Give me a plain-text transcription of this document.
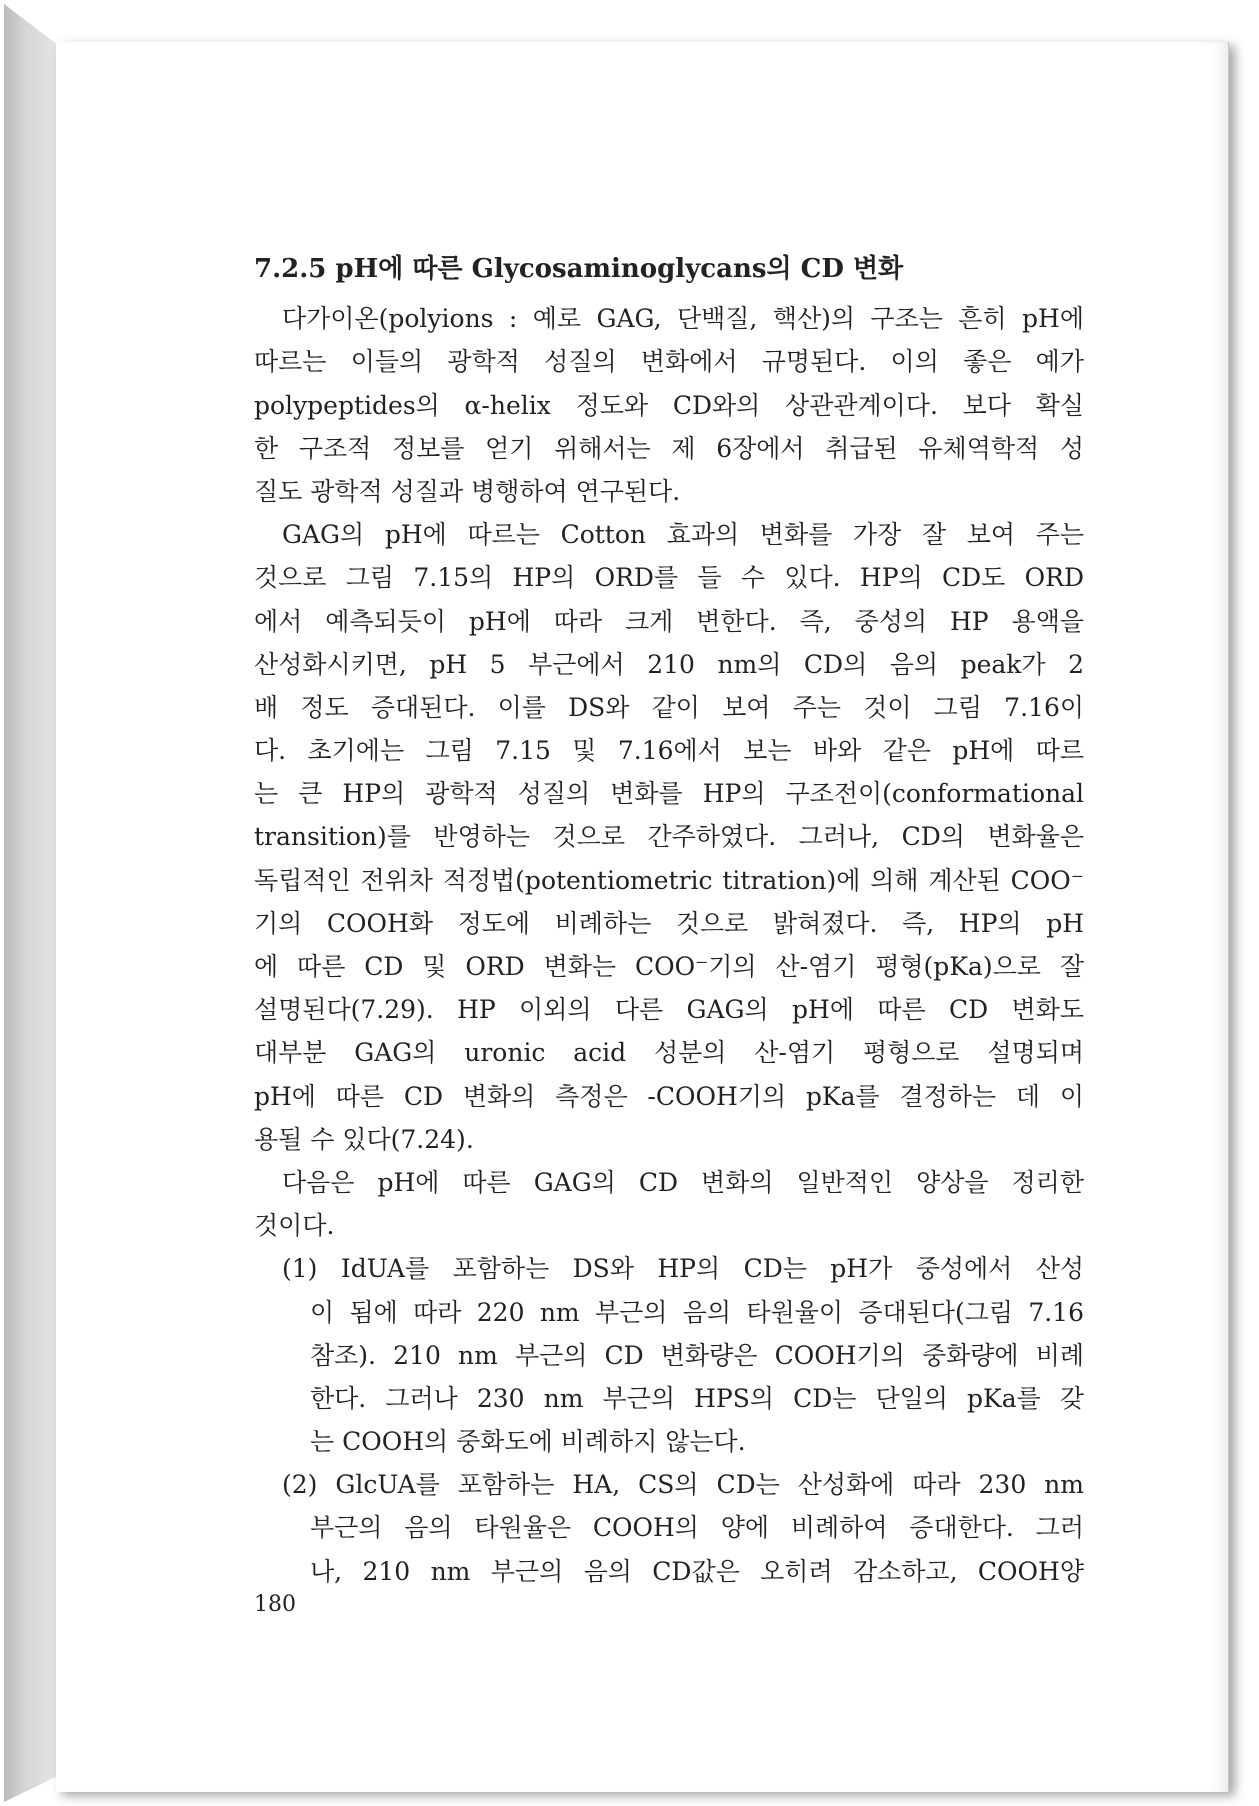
7.2.5 pH에 따른 Glycosaminoglycans의 CD 변화
다가이온(polyions : 예로 GAG, 단백질, 핵산)의 구조는 흔히 pH에
따르는 이들의 광학적 성질의 변화에서 규명된다. 이의 좋은 예가
polypeptides의 α-helix 정도와 CD와의 상관관계이다. 보다 확실
한 구조적 정보를 얻기 위해서는 제 6장에서 취급된 유체역학적 성
질도 광학적 성질과 병행하여 연구된다.
GAG의 pH에 따르는 Cotton 효과의 변화를 가장 잘 보여 주는
것으로 그림 7.15의 HP의 ORD를 들 수 있다. HP의 CD도 ORD
에서 예측되듯이 pH에 따라 크게 변한다. 즉, 중성의 HP 용액을
산성화시키면, pH 5 부근에서 210 nm의 CD의 음의 peak가 2
배 정도 증대된다. 이를 DS와 같이 보여 주는 것이 그림 7.16이
다. 초기에는 그림 7.15 및 7.16에서 보는 바와 같은 pH에 따르
는 큰 HP의 광학적 성질의 변화를 HP의 구조전이(conformational
transition)를 반영하는 것으로 간주하였다. 그러나, CD의 변화율은
독립적인 전위차 적정법(potentiometric titration)에 의해 계산된 COO⁻
기의 COOH화 정도에 비례하는 것으로 밝혀졌다. 즉, HP의 pH
에 따른 CD 및 ORD 변화는 COO⁻기의 산-염기 평형(pKa)으로 잘
설명된다(7.29). HP 이외의 다른 GAG의 pH에 따른 CD 변화도
대부분 GAG의 uronic acid 성분의 산-염기 평형으로 설명되며
pH에 따른 CD 변화의 측정은 -COOH기의 pKa를 결정하는 데 이
용될 수 있다(7.24).
다음은 pH에 따른 GAG의 CD 변화의 일반적인 양상을 정리한
것이다.
(1) IdUA를 포함하는 DS와 HP의 CD는 pH가 중성에서 산성
이 됨에 따라 220 nm 부근의 음의 타원율이 증대된다(그림 7.16
참조). 210 nm 부근의 CD 변화량은 COOH기의 중화량에 비례
한다. 그러나 230 nm 부근의 HPS의 CD는 단일의 pKa를 갖
는 COOH의 중화도에 비례하지 않는다.
(2) GlcUA를 포함하는 HA, CS의 CD는 산성화에 따라 230 nm
부근의 음의 타원율은 COOH의 양에 비례하여 증대한다. 그러
나, 210 nm 부근의 음의 CD값은 오히려 감소하고, COOH양
180
